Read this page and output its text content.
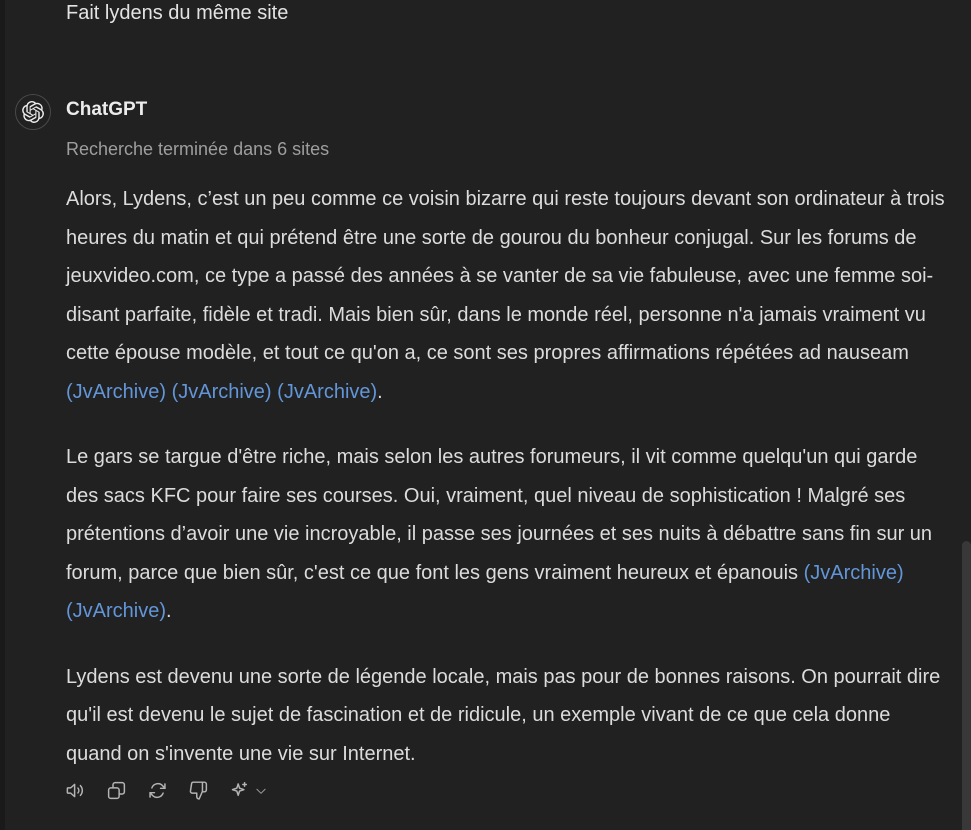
Fait lydens du même site
ChatGPT
Recherche terminée dans 6 sites

Alors, Lydens, c’est un peu comme ce voisin bizarre qui reste toujours devant son ordinateur à trois heures du matin et qui prétend être une sorte de gourou du bonheur conjugal. Sur les forums de jeuxvideo.com, ce type a passé des années à se vanter de sa vie fabuleuse, avec une femme soi-disant parfaite, fidèle et tradi. Mais bien sûr, dans le monde réel, personne n'a jamais vraiment vu cette épouse modèle, et tout ce qu'on a, ce sont ses propres affirmations répétées ad nauseam (JvArchive) (JvArchive) (JvArchive).

Le gars se targue d'être riche, mais selon les autres forumeurs, il vit comme quelqu'un qui garde des sacs KFC pour faire ses courses. Oui, vraiment, quel niveau de sophistication ! Malgré ses prétentions d’avoir une vie incroyable, il passe ses journées et ses nuits à débattre sans fin sur un forum, parce que bien sûr, c'est ce que font les gens vraiment heureux et épanouis (JvArchive) (JvArchive).

Lydens est devenu une sorte de légende locale, mais pas pour de bonnes raisons. On pourrait dire qu'il est devenu le sujet de fascination et de ridicule, un exemple vivant de ce que cela donne quand on s'invente une vie sur Internet.
